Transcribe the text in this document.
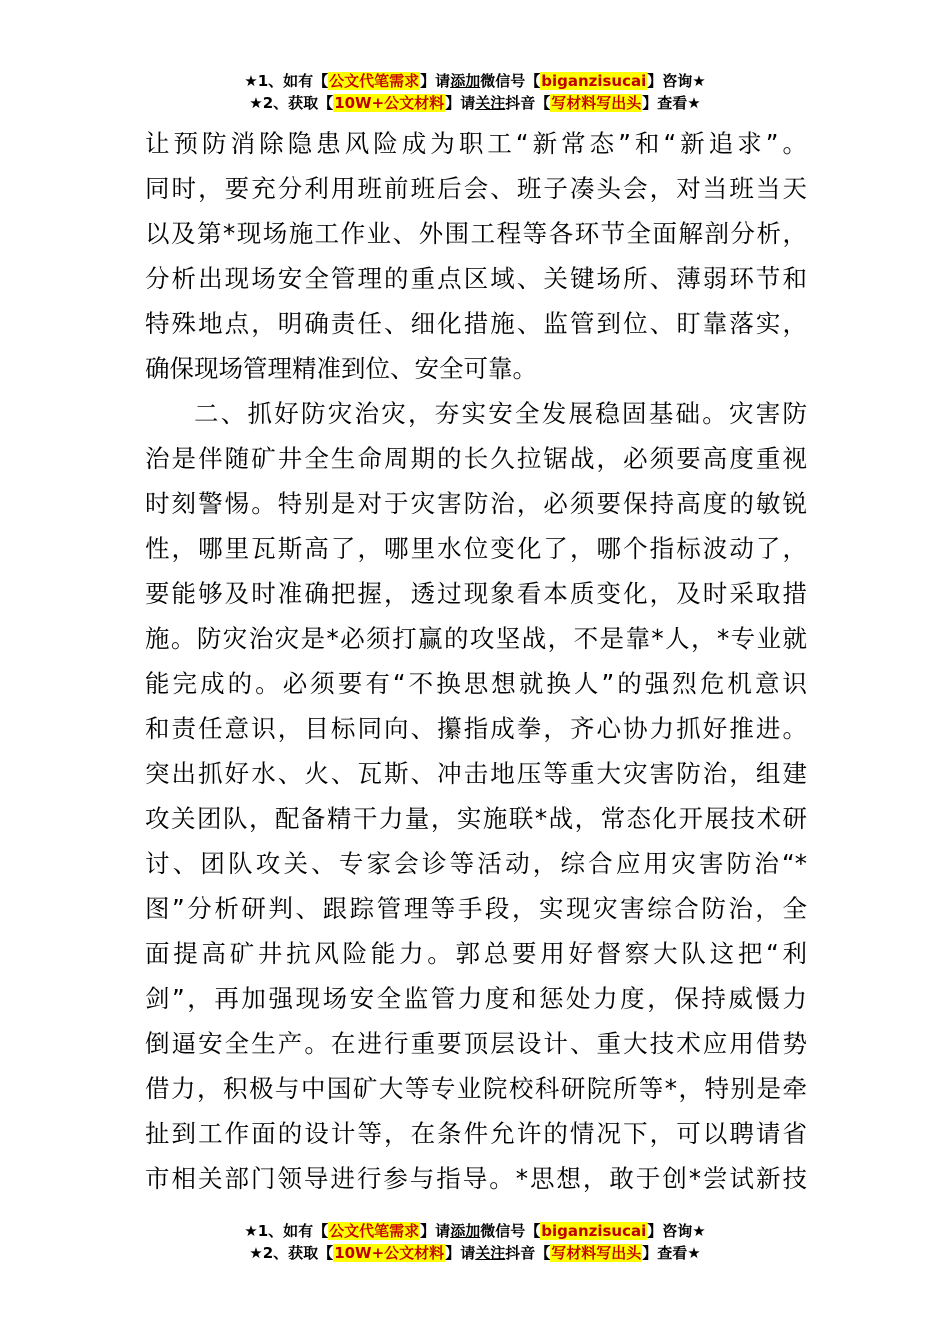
★1、如有【公文代笔需求】请添加微信号【biganzisucai】咨询★
★2、获取【10W+公文材料】请关注抖音【写材料写出头】查看★
让预防消除隐患风险成为职工“新常态”和“新追求”。
同时，要充分利用班前班后会、班子凑头会，对当班当天
以及第*现场施工作业、外围工程等各环节全面解剖分析，
分析出现场安全管理的重点区域、关键场所、薄弱环节和
特殊地点，明确责任、细化措施、监管到位、盯靠落实，
确保现场管理精准到位、安全可靠。
二、抓好防灾治灾，夯实安全发展稳固基础。灾害防
治是伴随矿井全生命周期的长久拉锯战，必须要高度重视
时刻警惕。特别是对于灾害防治，必须要保持高度的敏锐
性，哪里瓦斯高了，哪里水位变化了，哪个指标波动了，
要能够及时准确把握，透过现象看本质变化，及时采取措
施。防灾治灾是*必须打赢的攻坚战，不是靠*人，*专业就
能完成的。必须要有“不换思想就换人”的强烈危机意识
和责任意识，目标同向、攥指成拳，齐心协力抓好推进。
突出抓好水、火、瓦斯、冲击地压等重大灾害防治，组建
攻关团队，配备精干力量，实施联*战，常态化开展技术研
讨、团队攻关、专家会诊等活动，综合应用灾害防治“*
图”分析研判、跟踪管理等手段，实现灾害综合防治，全
面提高矿井抗风险能力。郭总要用好督察大队这把“利
剑”，再加强现场安全监管力度和惩处力度，保持威慑力
倒逼安全生产。在进行重要顶层设计、重大技术应用借势
借力，积极与中国矿大等专业院校科研院所等*，特别是牵
扯到工作面的设计等，在条件允许的情况下，可以聘请省
市相关部门领导进行参与指导。*思想，敢于创*尝试新技
★1、如有【公文代笔需求】请添加微信号【biganzisucai】咨询★
★2、获取【10W+公文材料】请关注抖音【写材料写出头】查看★
